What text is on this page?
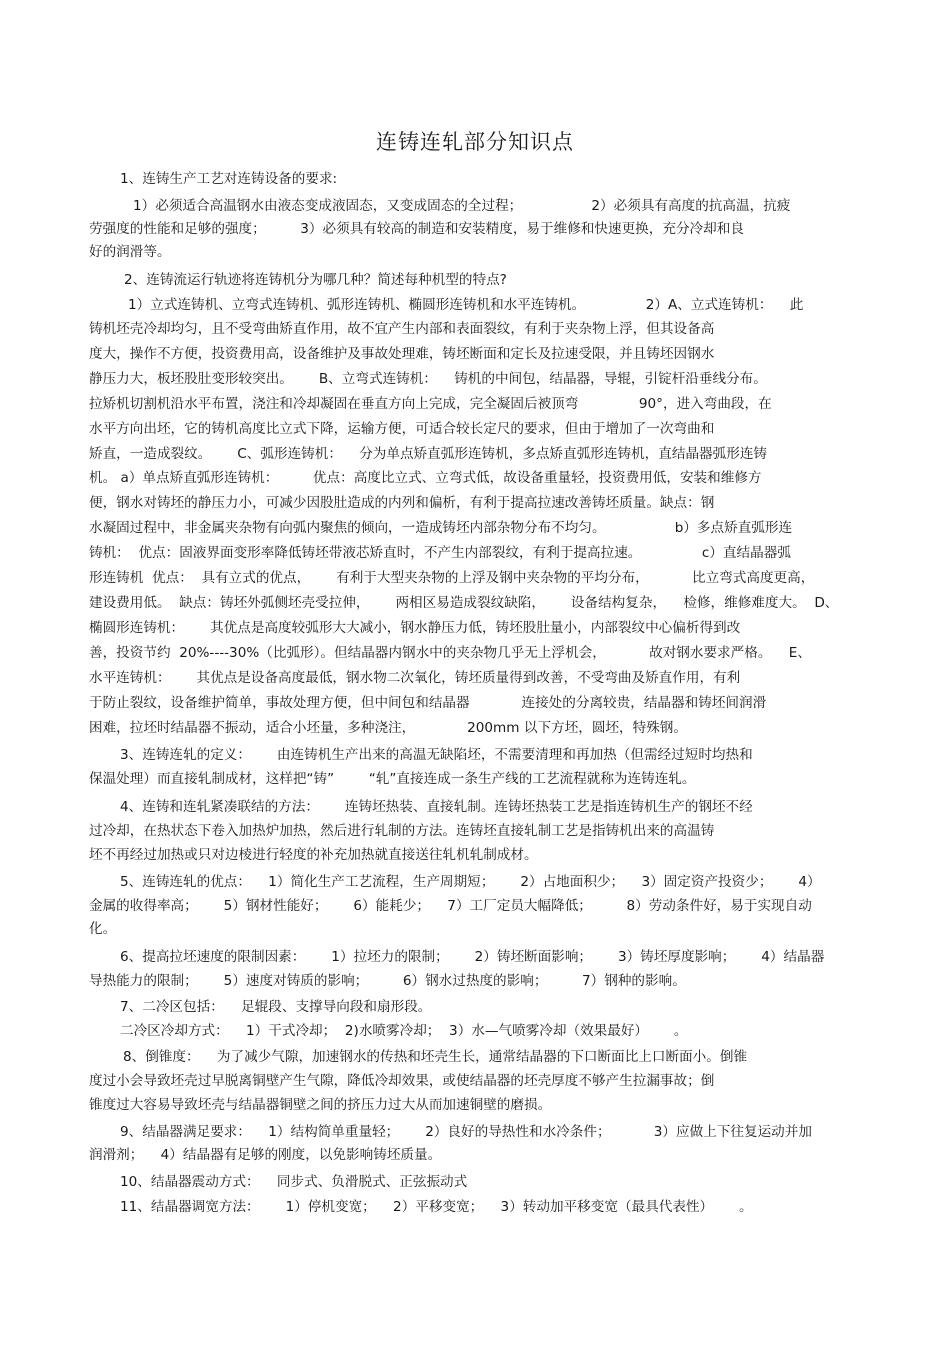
连铸连轧部分知识点
1、连铸生产工艺对连铸设备的要求:
1）必须适合高温钢水由液态变成液固态，又变成固态的全过程；                2）必须具有高度的抗高温，抗疲
劳强度的性能和足够的强度；        3）必须具有较高的制造和安装精度，易于维修和快速更换，充分冷却和良
好的润滑等。
2、连铸流运行轨迹将连铸机分为哪几种？简述每种机型的特点?
1）立式连铸机、立弯式连铸机、弧形连铸机、椭圆形连铸机和水平连铸机。              2）A、立式连铸机：    此
铸机坯壳冷却均匀，且不受弯曲矫直作用，故不宜产生内部和表面裂纹，有利于夹杂物上浮，但其设备高
度大，操作不方便，投资费用高，设备维护及事故处理难，铸坯断面和定长及拉速受限，并且铸坯因钢水
静压力大，板坯股肚变形较突出。      B、立弯式连铸机：    铸机的中间包，结晶器，导辊，引锭杆沿垂线分布。
拉矫机切割机沿水平布置，浇注和冷却凝固在垂直方向上完成，完全凝固后被顶弯              90°，进入弯曲段，在
水平方向出坯，它的铸机高度比立式下降，运输方便，可适合较长定尺的要求，但由于增加了一次弯曲和
矫直，一造成裂纹。      C、弧形连铸机：    分为单点矫直弧形连铸机，多点矫直弧形连铸机，直结晶器弧形连铸
机。 a）单点矫直弧形连铸机：        优点：高度比立式、立弯式低，故设备重量轻，投资费用低，安装和维修方
便，钢水对铸坯的静压力小，可减少因股肚造成的内列和偏析，有利于提高拉速改善铸坯质量。缺点：钢
水凝固过程中，非金属夹杂物有向弧内聚焦的倾向，一造成铸坯内部杂物分布不均匀。                b）多点矫直弧形连
铸机：  优点：固液界面变形率降低铸坯带液芯矫直时，不产生内部裂纹，有利于提高拉速。              c）直结晶器弧
形连铸机  优点：  具有立式的优点，      有利于大型夹杂物的上浮及钢中夹杂物的平均分布，          比立弯式高度更高，
建设费用低。  缺点：铸坯外弧侧坯壳受拉伸，      两相区易造成裂纹缺陷，      设备结构复杂，    检修，维修难度大。  D、
椭圆形连铸机：      其优点是高度较弧形大大减小，钢水静压力低，铸坯股肚量小，内部裂纹中心偏析得到改
善，投资节约  20%----30%（比弧形）。但结晶器内钢水中的夹杂物几乎无上浮机会，          故对钢水要求严格。    E、
水平连铸机：      其优点是设备高度最低，钢水物二次氧化，铸坯质量得到改善，不受弯曲及矫直作用，有利
于防止裂纹，设备维护简单，事故处理方便，但中间包和结晶器            连接处的分离较贵，结晶器和铸坯间润滑
困难，拉坯时结晶器不振动，适合小坯量，多种浇注，            200mm 以下方坯，圆坯，特殊钢。
3、连铸连轧的定义：      由连铸机生产出来的高温无缺陷坯，不需要清理和再加热（但需经过短时均热和
保温处理）而直接轧制成材，这样把“铸”        “轧”直接连成一条生产线的工艺流程就称为连铸连轧。
4、连铸和连轧紧凑联结的方法：      连铸坯热装、直接轧制。连铸坯热装工艺是指连铸机生产的钢坯不经
过冷却，在热状态下卷入加热炉加热，然后进行轧制的方法。连铸坯直接轧制工艺是指铸机出来的高温铸
坯不再经过加热或只对边棱进行轻度的补充加热就直接送往轧机轧制成材。
5、连铸连轧的优点：    1）简化生产工艺流程，生产周期短；      2）占地面积少；    3）固定资产投资少；      4）
金属的收得率高；      5）钢材性能好；      6）能耗少；    7）工厂定员大幅降低；        8）劳动条件好，易于实现自动
化。
6、提高拉坯速度的限制因素：      1）拉坯力的限制；      2）铸坯断面影响；      3）铸坯厚度影响；      4）结晶器
导热能力的限制；      5）速度对铸质的影响；        6）钢水过热度的影响；        7）钢种的影响。
7、二冷区包括：    足辊段、支撑导向段和扇形段。
二冷区冷却方式：    1）干式冷却；  2)水喷雾冷却；  3）水—气喷雾冷却（效果最好）      。
8、倒锥度：    为了减少气隙，加速钢水的传热和坯壳生长，通常结晶器的下口断面比上口断面小。倒锥
度过小会导致坯壳过早脱离铜壁产生气隙，降低冷却效果，或使结晶器的坯壳厚度不够产生拉漏事故；倒
锥度过大容易导致坯壳与结晶器铜壁之间的挤压力过大从而加速铜壁的磨损。
9、结晶器满足要求：    1）结构简单重量轻；      2）良好的导热性和水冷条件；          3）应做上下往复运动并加
润滑剂；    4）结晶器有足够的刚度，以免影响铸坯质量。
10、结晶器震动方式：    同步式、负滑脱式、正弦振动式
11、结晶器调宽方法：      1）停机变宽；    2）平移变宽；    3）转动加平移变宽（最具代表性）      。
